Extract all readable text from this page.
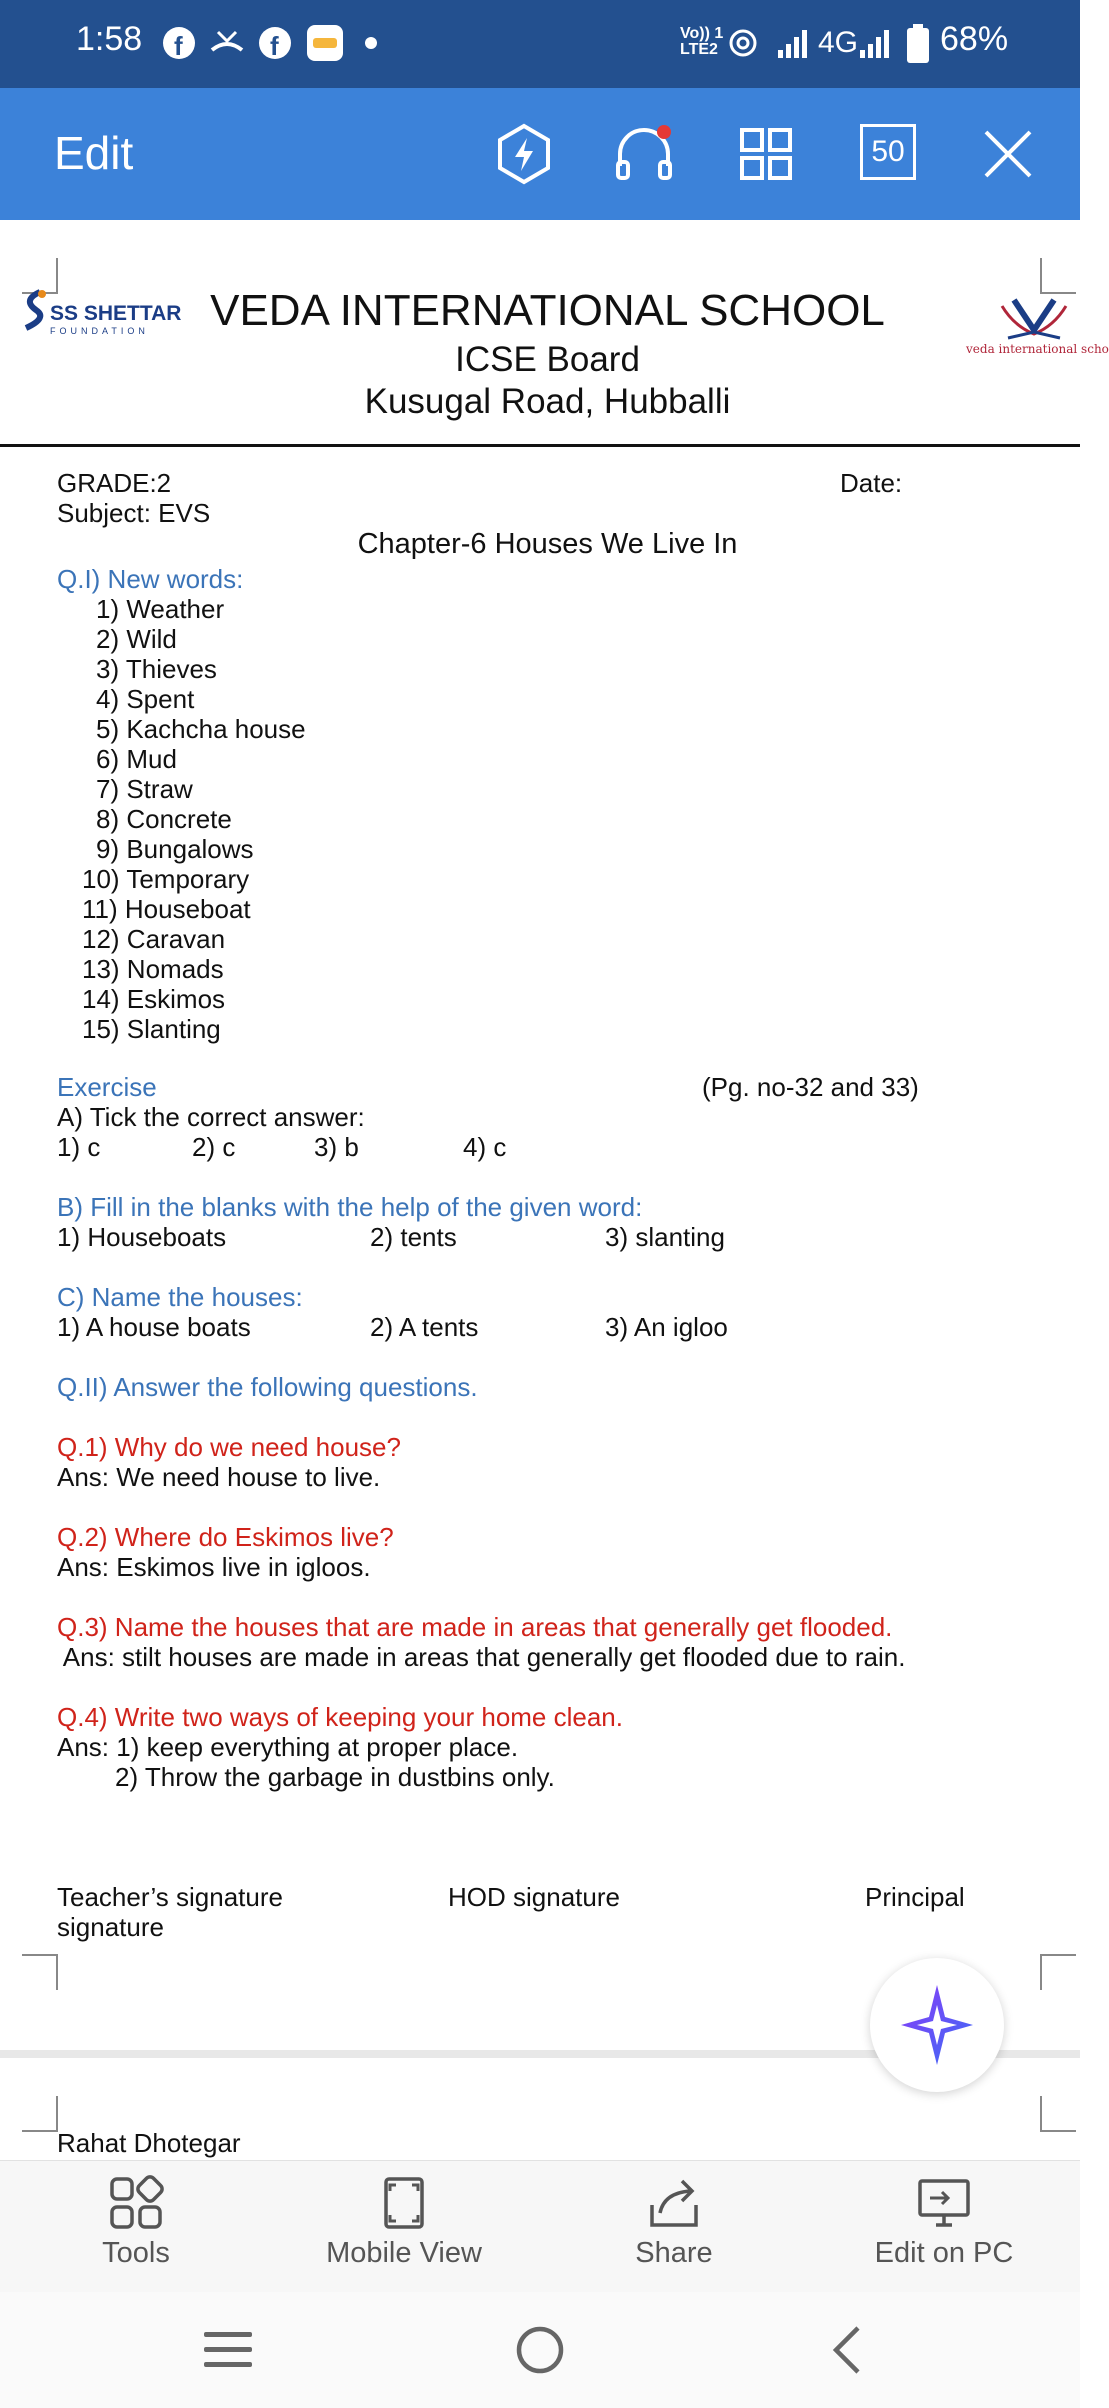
1:58 f	f	Vo)) 1
LTE2	4G 68%
Edit	50
SS SHETTAR
FOUNDATION
veda international scho
VEDA INTERNATIONAL SCHOOL
ICSE Board
Kusugal Road, Hubballi
GRADE:2
Subject: EVS
Date:
Chapter-6 Houses We Live In
Q.I) New words:
1) Weather
2) Wild
3) Thieves
4) Spent
5) Kachcha house
6) Mud
7) Straw
8) Concrete
9) Bungalows
10) Temporary
11) Houseboat
12) Caravan
13) Nomads
14) Eskimos
15) Slanting
Exercise	(Pg. no-32 and 33)
A) Tick the correct answer:
1) c	2) c	3) b	4) c
B) Fill in the blanks with the help of the given word:
1) Houseboats	2) tents	3) slanting
C) Name the houses:
1) A house boats	2) A tents	3) An igloo
Q.II) Answer the following questions.
Q.1) Why do we need house?
Ans: We need house to live.
Q.2) Where do Eskimos live?
Ans: Eskimos live in igloos.
Q.3) Name the houses that are made in areas that generally get flooded.
Ans: stilt houses are made in areas that generally get flooded due to rain.
Q.4) Write two ways of keeping your home clean.
Ans: 1) keep everything at proper place.
2) Throw the garbage in dustbins only.
Teacher’s signature
signature
HOD signature	Principal
Rahat Dhotegar
Tools	Mobile View	Share	Edit on PC
